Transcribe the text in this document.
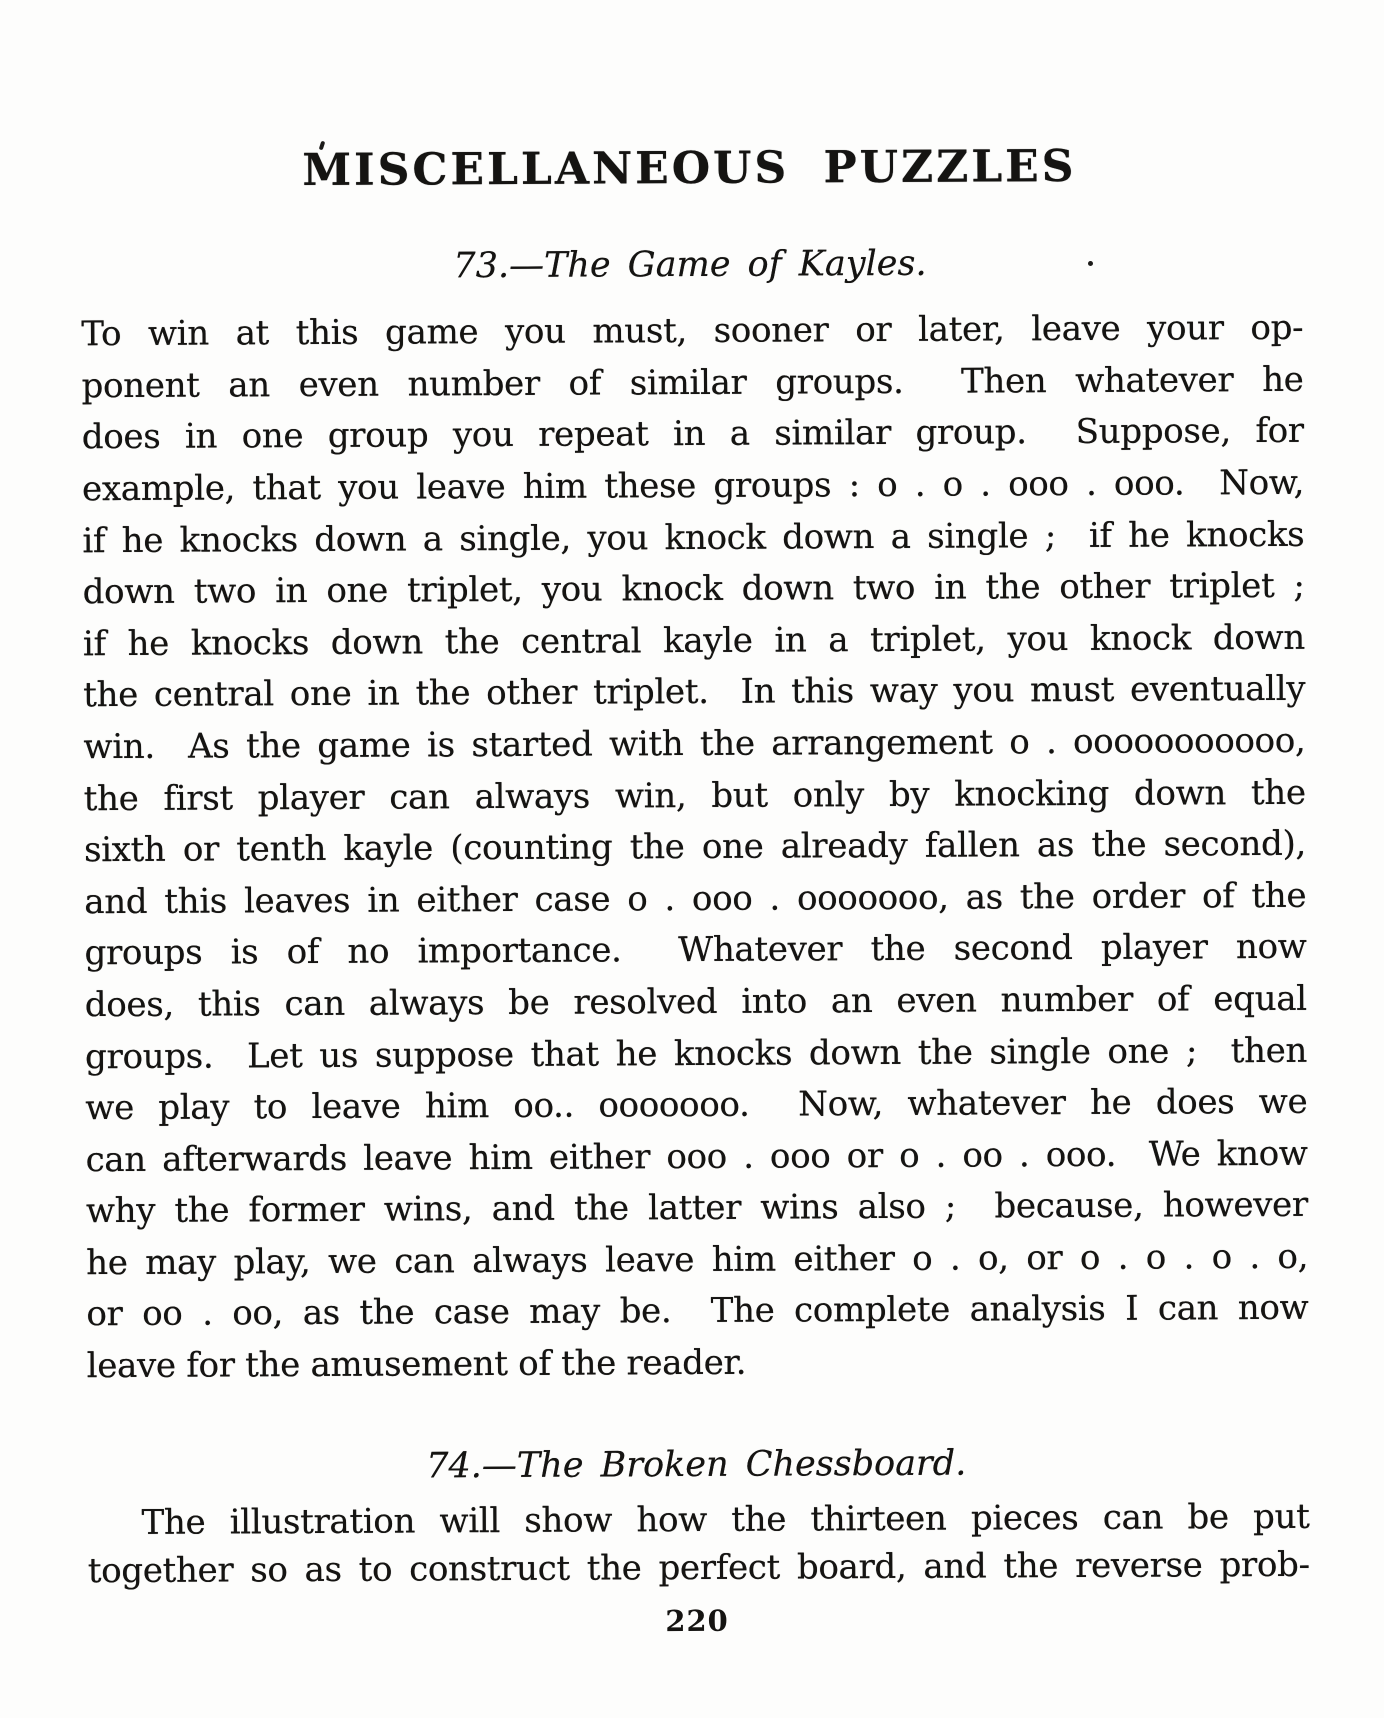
MISCELLANEOUS PUZZLES
73.—The Game of Kayles.
To win at this game you must, sooner or later, leave your op-
ponent an even number of similar groups.  Then whatever he
does in one group you repeat in a similar group.  Suppose, for
example, that you leave him these groups : o . o . ooo . ooo.  Now,
if he knocks down a single, you knock down a single ;  if he knocks
down two in one triplet, you knock down two in the other triplet ;
if he knocks down the central kayle in a triplet, you knock down
the central one in the other triplet.  In this way you must eventually
win.  As the game is started with the arrangement o . ooooooooooo,
the first player can always win, but only by knocking down the
sixth or tenth kayle (counting the one already fallen as the second),
and this leaves in either case o . ooo . ooooooo, as the order of the
groups is of no importance.  Whatever the second player now
does, this can always be resolved into an even number of equal
groups.  Let us suppose that he knocks down the single one ;  then
we play to leave him oo.. ooooooo.  Now, whatever he does we
can afterwards leave him either ooo . ooo or o . oo . ooo.  We know
why the former wins, and the latter wins also ;  because, however
he may play, we can always leave him either o . o, or o . o . o . o,
or oo . oo, as the case may be.  The complete analysis I can now
leave for the amusement of the reader.
74.—The Broken Chessboard.
The illustration will show how the thirteen pieces can be put
together so as to construct the perfect board, and the reverse prob-
220
